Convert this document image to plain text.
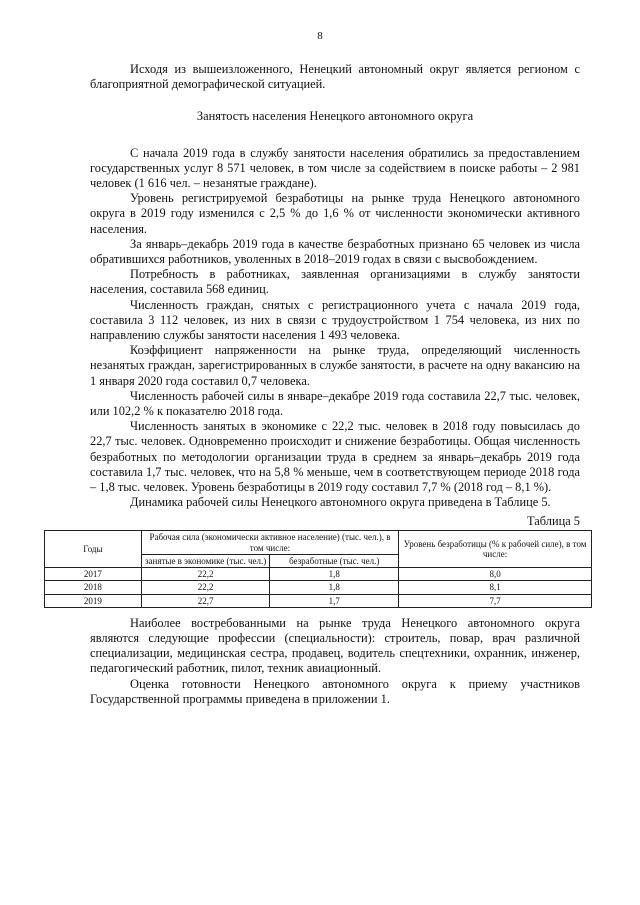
8

Исходя из вышеизложенного, Ненецкий автономный округ является регионом с благоприятной демографической ситуацией.

Занятость населения Ненецкого автономного округа

С начала 2019 года в службу занятости населения обратились за предоставлением государственных услуг 8 571 человек, в том числе за содействием в поиске работы – 2 981 человек (1 616 чел. – незанятые граждане).

Уровень регистрируемой безработицы на рынке труда Ненецкого автономного округа в 2019 году изменился с 2,5 % до 1,6 % от численности экономически активного населения.

За январь–декабрь 2019 года в качестве безработных признано 65 человек из числа обратившихся работников, уволенных в 2018–2019 годах в связи с высвобождением.

Потребность в работниках, заявленная организациями в службу занятости населения, составила 568 единиц.

Численность граждан, снятых с регистрационного учета с начала 2019 года, составила 3 112 человек, из них в связи с трудоустройством 1 754 человека, из них по направлению службы занятости населения 1 493 человека.

Коэффициент напряженности на рынке труда, определяющий численность незанятых граждан, зарегистрированных в службе занятости, в расчете на одну вакансию на 1 января 2020 года составил 0,7 человека.

Численность рабочей силы в январе–декабре 2019 года составила 22,7 тыс. человек, или 102,2 % к показателю 2018 года.

Численность занятых в экономике с 22,2 тыс. человек в 2018 году повысилась до 22,7 тыс. человек. Одновременно происходит и снижение безработицы. Общая численность безработных по методологии организации труда в среднем за январь–декабрь 2019 года составила 1,7 тыс. человек, что на 5,8 % меньше, чем в соответствующем периоде 2018 года – 1,8 тыс. человек. Уровень безработицы в 2019 году составил 7,7 % (2018 год – 8,1 %).

Динамика рабочей силы Ненецкого автономного округа приведена в Таблице 5.

Таблица 5
Годы	Рабочая сила (экономически активное население) (тыс. чел.), в том числе:		Уровень безработицы (% к рабочей силе), в том числе:
	занятые в экономике (тыс. чел.)	безработные (тыс. чел.)	
2017	22,2	1,8	8,0
2018	22,2	1,8	8,1
2019	22,7	1,7	7,7

Наиболее востребованными на рынке труда Ненецкого автономного округа являются следующие профессии (специальности): строитель, повар, врач различной специализации, медицинская сестра, продавец, водитель спецтехники, охранник, инженер, педагогический работник, пилот, техник авиационный.

Оценка готовности Ненецкого автономного округа к приему участников Государственной программы приведена в приложении 1.
